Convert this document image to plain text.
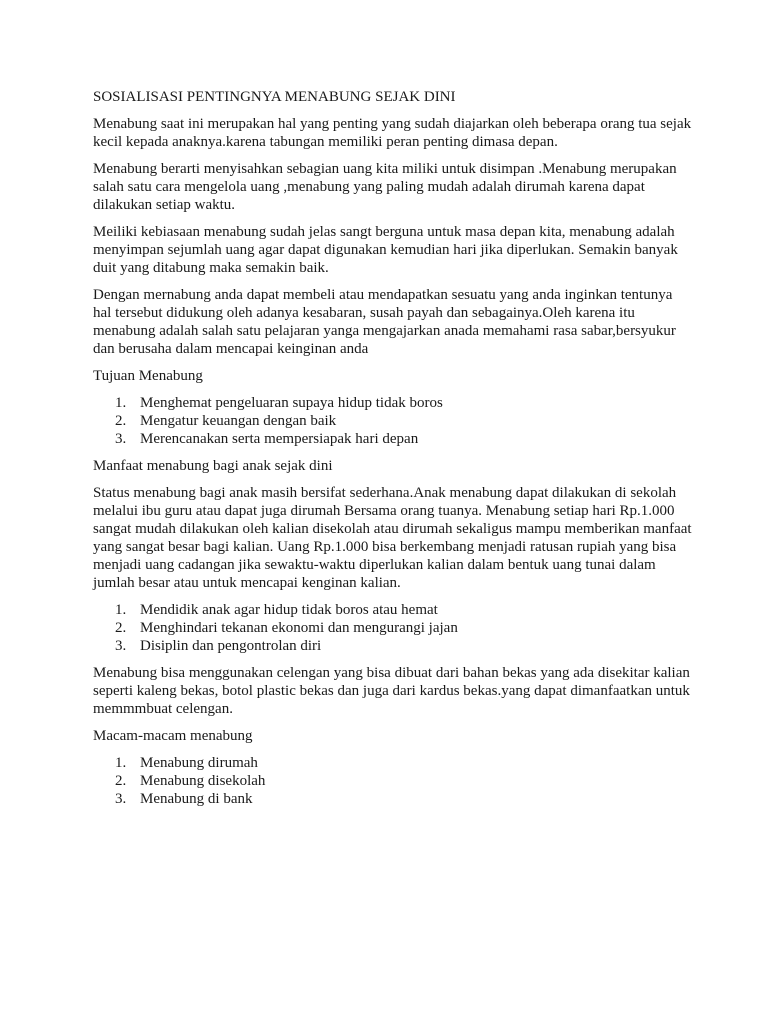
SOSIALISASI PENTINGNYA MENABUNG SEJAK DINI

Menabung saat ini merupakan hal yang penting yang sudah diajarkan oleh beberapa orang tua sejak kecil kepada anaknya.karena tabungan memiliki peran penting dimasa depan.

Menabung berarti menyisahkan sebagian uang kita miliki untuk disimpan .Menabung merupakan salah satu cara mengelola uang ,menabung yang paling mudah adalah dirumah karena dapat dilakukan setiap waktu.

Meiliki kebiasaan menabung sudah jelas sangt berguna untuk masa depan kita, menabung adalah menyimpan sejumlah uang agar dapat digunakan kemudian hari jika diperlukan. Semakin banyak duit yang ditabung maka semakin baik.

Dengan mernabung anda dapat membeli atau mendapatkan sesuatu yang anda inginkan tentunya hal tersebut didukung oleh adanya kesabaran, susah payah dan sebagainya.Oleh karena itu menabung adalah salah satu pelajaran yanga mengajarkan anada memahami rasa sabar,bersyukur dan berusaha dalam mencapai keinginan anda

Tujuan Menabung

1. Menghemat pengeluaran supaya hidup tidak boros
2. Mengatur keuangan dengan baik
3. Merencanakan serta mempersiapak hari depan

Manfaat menabung bagi anak sejak dini

Status menabung bagi anak masih bersifat sederhana.Anak menabung dapat dilakukan di sekolah melalui ibu guru atau dapat juga dirumah Bersama orang tuanya. Menabung setiap hari Rp.1.000 sangat mudah dilakukan oleh kalian disekolah atau dirumah sekaligus mampu memberikan manfaat yang sangat besar bagi kalian. Uang Rp.1.000 bisa berkembang menjadi ratusan rupiah yang bisa menjadi uang cadangan jika sewaktu-waktu diperlukan kalian dalam bentuk uang tunai dalam jumlah besar atau untuk mencapai kenginan kalian.

1. Mendidik anak agar hidup tidak boros atau hemat
2. Menghindari tekanan ekonomi dan mengurangi jajan
3. Disiplin dan pengontrolan diri

Menabung bisa menggunakan celengan yang bisa dibuat dari bahan bekas yang ada disekitar kalian seperti kaleng bekas, botol plastic bekas dan juga dari kardus bekas.yang dapat dimanfaatkan untuk memmmbuat celengan.

Macam-macam menabung

1. Menabung dirumah
2. Menabung disekolah
3. Menabung di bank
